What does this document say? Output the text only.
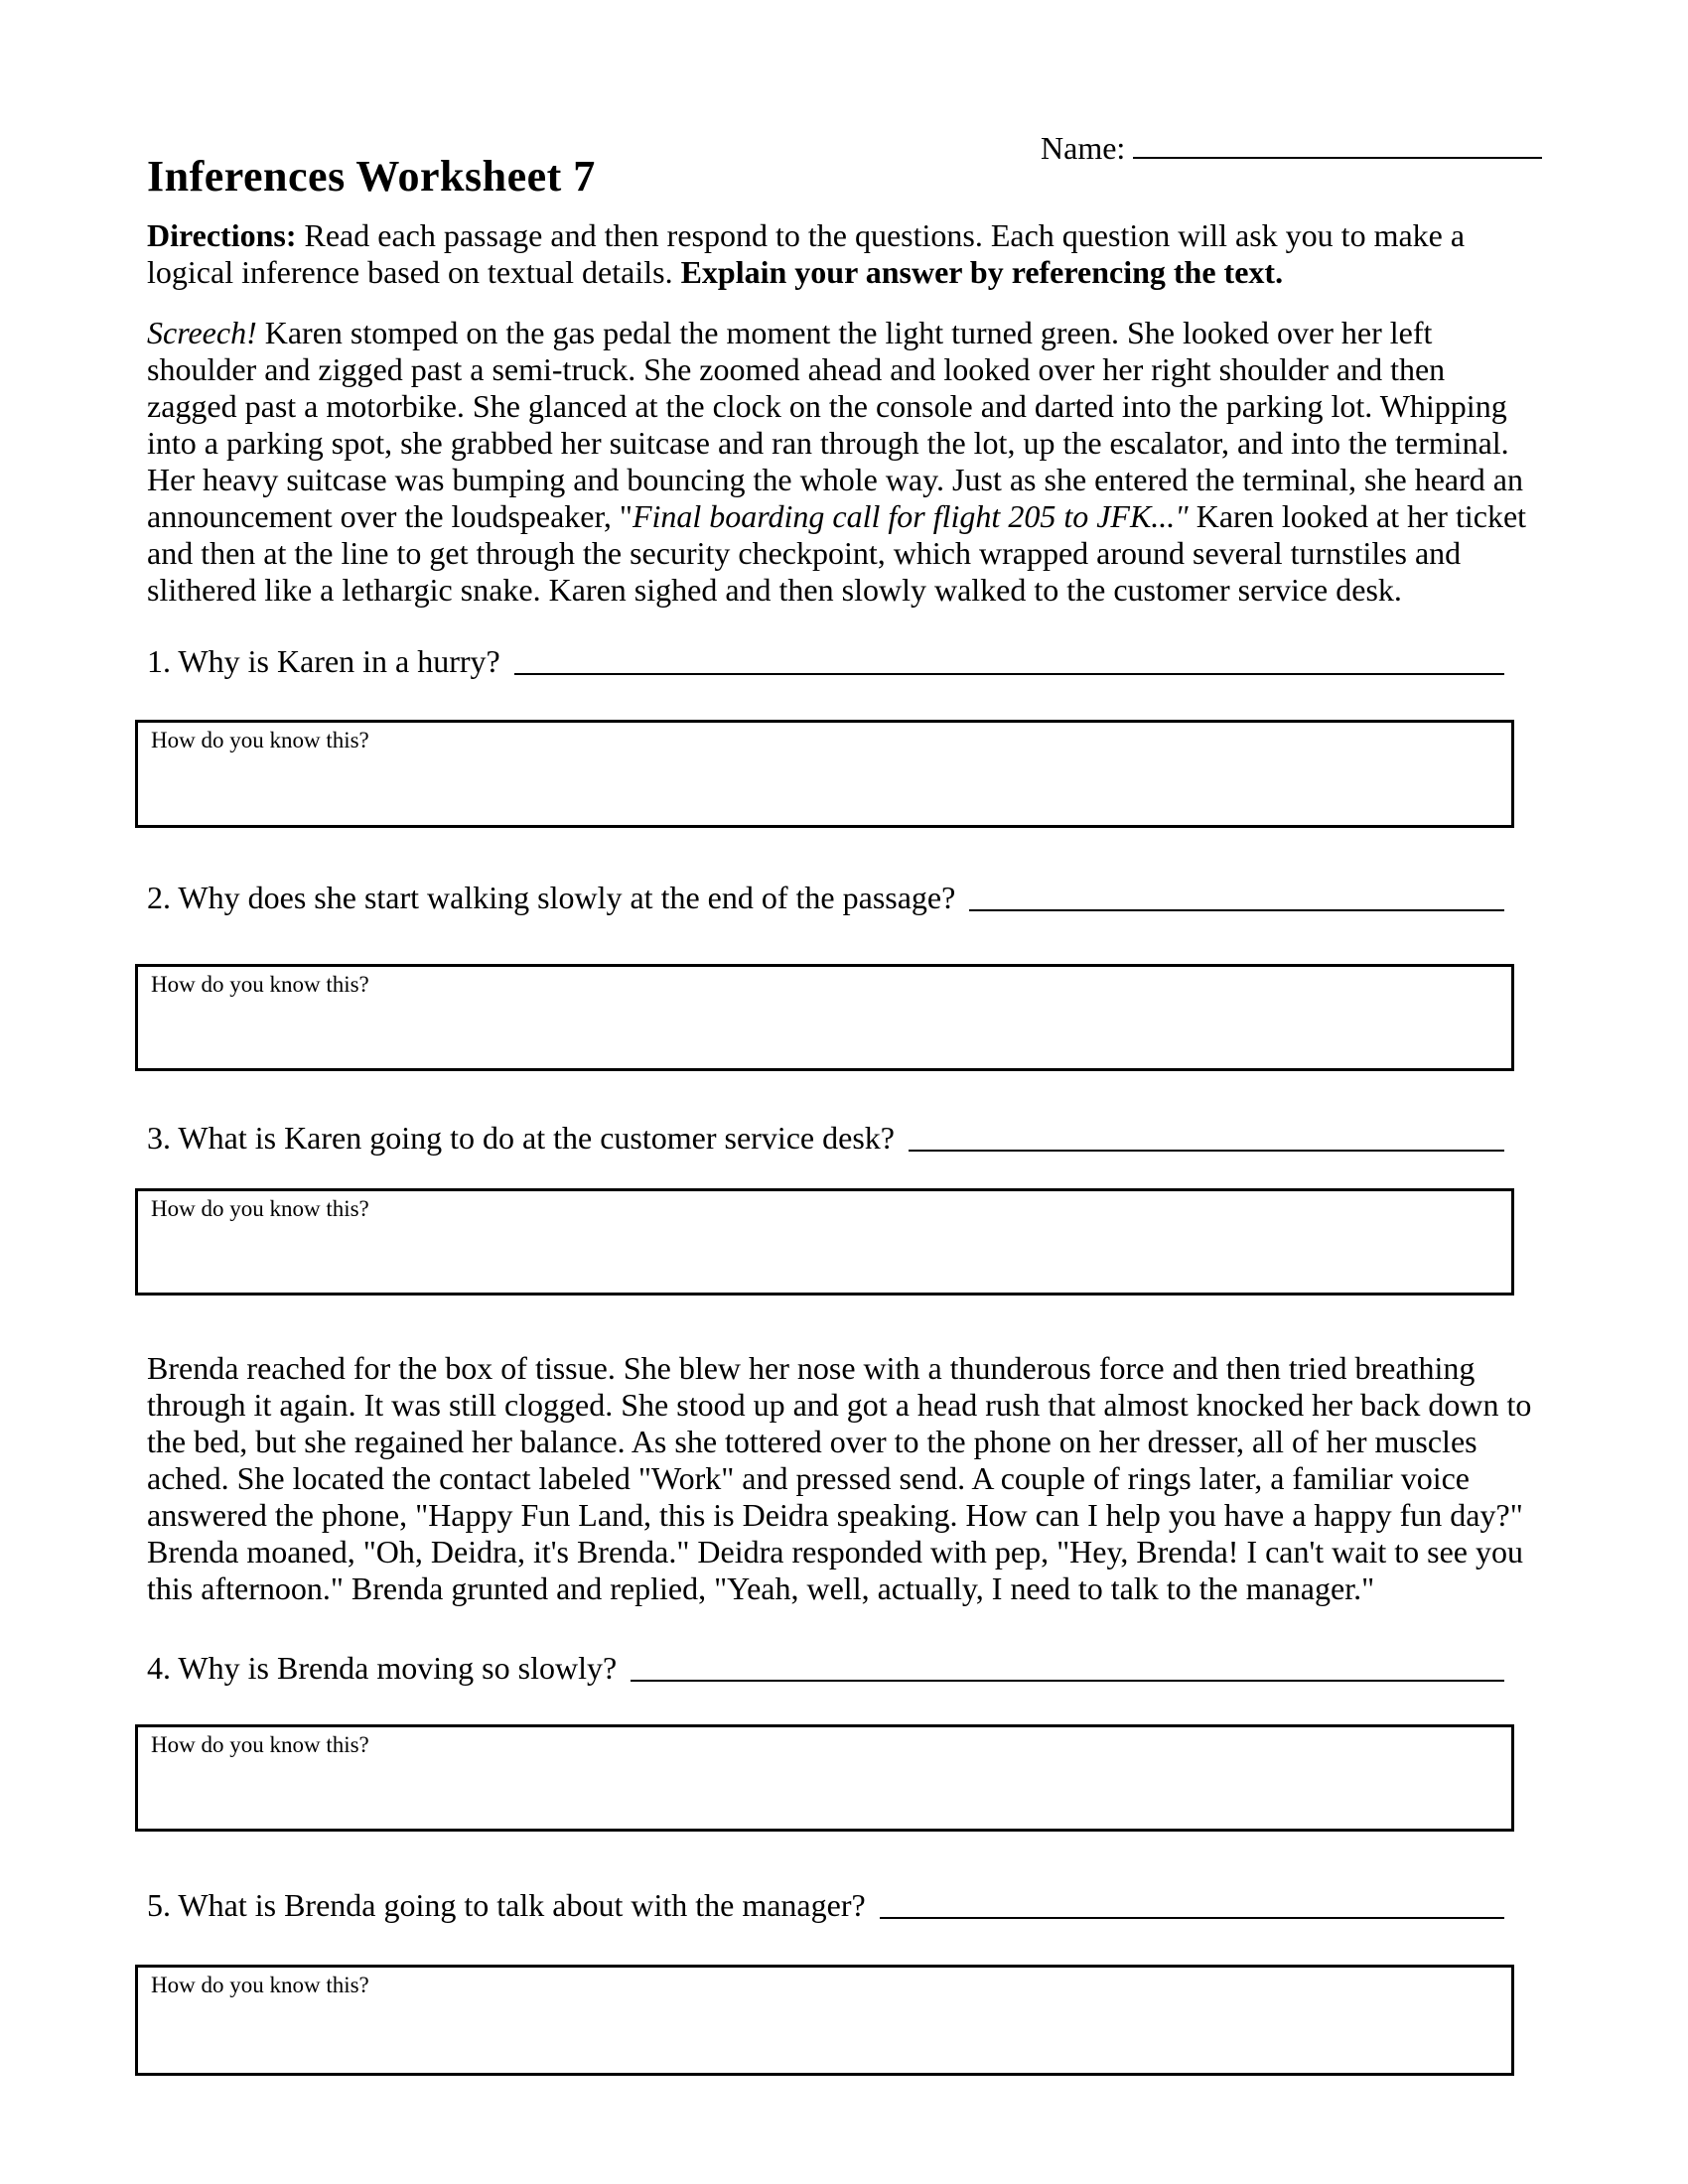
Name:
Inferences Worksheet 7
Directions: Read each passage and then respond to the questions. Each question will ask you to make a logical inference based on textual details. Explain your answer by referencing the text.
Screech! Karen stomped on the gas pedal the moment the light turned green. She looked over her left shoulder and zigged past a semi-truck. She zoomed ahead and looked over her right shoulder and then zagged past a motorbike. She glanced at the clock on the console and darted into the parking lot. Whipping into a parking spot, she grabbed her suitcase and ran through the lot, up the escalator, and into the terminal. Her heavy suitcase was bumping and bouncing the whole way. Just as she entered the terminal, she heard an announcement over the loudspeaker, "Final boarding call for flight 205 to JFK..." Karen looked at her ticket and then at the line to get through the security checkpoint, which wrapped around several turnstiles and slithered like a lethargic snake. Karen sighed and then slowly walked to the customer service desk.
1. Why is Karen in a hurry?
How do you know this?
2. Why does she start walking slowly at the end of the passage?
How do you know this?
3. What is Karen going to do at the customer service desk?
How do you know this?
Brenda reached for the box of tissue. She blew her nose with a thunderous force and then tried breathing through it again. It was still clogged. She stood up and got a head rush that almost knocked her back down to the bed, but she regained her balance. As she tottered over to the phone on her dresser, all of her muscles ached. She located the contact labeled "Work" and pressed send. A couple of rings later, a familiar voice answered the phone, "Happy Fun Land, this is Deidra speaking. How can I help you have a happy fun day?" Brenda moaned, "Oh, Deidra, it's Brenda." Deidra responded with pep, "Hey, Brenda! I can't wait to see you this afternoon." Brenda grunted and replied, "Yeah, well, actually, I need to talk to the manager."
4. Why is Brenda moving so slowly?
How do you know this?
5. What is Brenda going to talk about with the manager?
How do you know this?
